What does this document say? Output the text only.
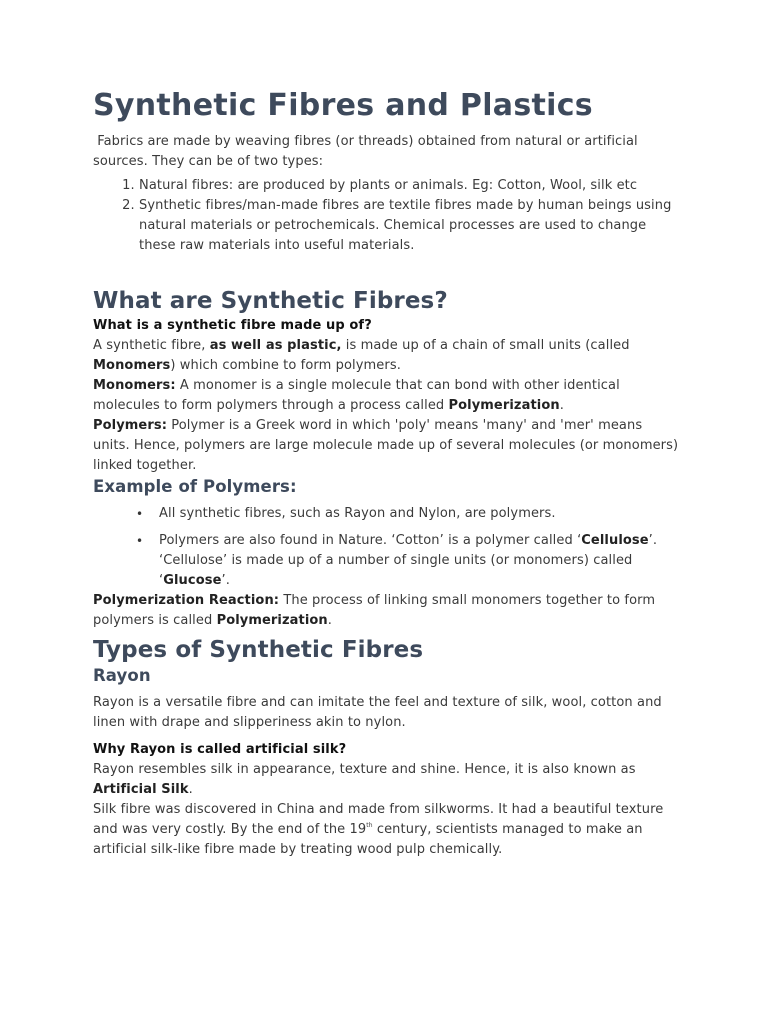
Synthetic Fibres and Plastics

Fabrics are made by weaving fibres (or threads) obtained from natural or artificial sources. They can be of two types:

1. Natural fibres: are produced by plants or animals. Eg: Cotton, Wool, silk etc
2. Synthetic fibres/man-made fibres are textile fibres made by human beings using natural materials or petrochemicals. Chemical processes are used to change these raw materials into useful materials.
What are Synthetic Fibres?
What is a synthetic fibre made up of?

A synthetic fibre, as well as plastic, is made up of a chain of small units (called Monomers) which combine to form polymers.

Monomers: A monomer is a single molecule that can bond with other identical molecules to form polymers through a process called Polymerization.

Polymers: Polymer is a Greek word in which 'poly' means 'many' and 'mer' means units. Hence, polymers are large molecule made up of several molecules (or monomers) linked together.

Example of Polymers:
• All synthetic fibres, such as Rayon and Nylon, are polymers.
• Polymers are also found in Nature. ‘Cotton’ is a polymer called ‘Cellulose’. ‘Cellulose’ is made up of a number of single units (or monomers) called ‘Glucose’.

Polymerization Reaction: The process of linking small monomers together to form polymers is called Polymerization.

Types of Synthetic Fibres
Rayon

Rayon is a versatile fibre and can imitate the feel and texture of silk, wool, cotton and linen with drape and slipperiness akin to nylon.

Why Rayon is called artificial silk?

Rayon resembles silk in appearance, texture and shine. Hence, it is also known as Artificial Silk.

Silk fibre was discovered in China and made from silkworms. It had a beautiful texture and was very costly. By the end of the 19th century, scientists managed to make an artificial silk-like fibre made by treating wood pulp chemically.
